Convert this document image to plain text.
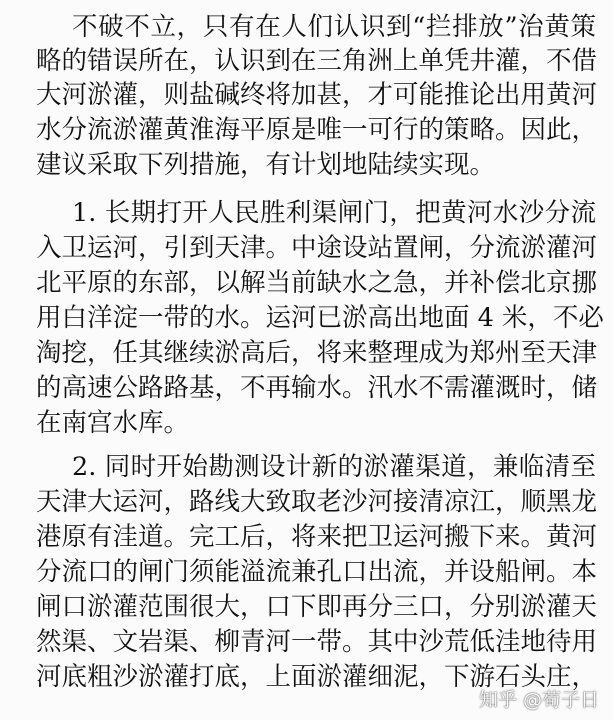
不破不立，只有在人们认识到“拦排放”治黄策
略的错误所在，认识到在三角洲上单凭井灌，不借
大河淤灌，则盐碱终将加甚，才可能推论出用黄河
水分流淤灌黄淮海平原是唯一可行的策略。因此，
建议采取下列措施，有计划地陆续实现。
1. 长期打开人民胜利渠闸门，把黄河水沙分流
入卫运河，引到天津。中途设站置闸，分流淤灌河
北平原的东部，以解当前缺水之急，并补偿北京挪
用白洋淀一带的水。运河已淤高出地面 4 米，不必
淘挖，任其继续淤高后，将来整理成为郑州至天津
的高速公路路基，不再输水。汛水不需灌溉时，储
在南宫水库。
2. 同时开始勘测设计新的淤灌渠道，兼临清至
天津大运河，路线大致取老沙河接清凉江，顺黑龙
港原有洼道。完工后，将来把卫运河搬下来。黄河
分流口的闸门须能溢流兼孔口出流，并设船闸。本
闸口淤灌范围很大，口下即再分三口，分别淤灌天
然渠、文岩渠、柳青河一带。其中沙荒低洼地待用
河底粗沙淤灌打底，上面淤灌细泥，下游石头庄，
知乎 @荀子日
